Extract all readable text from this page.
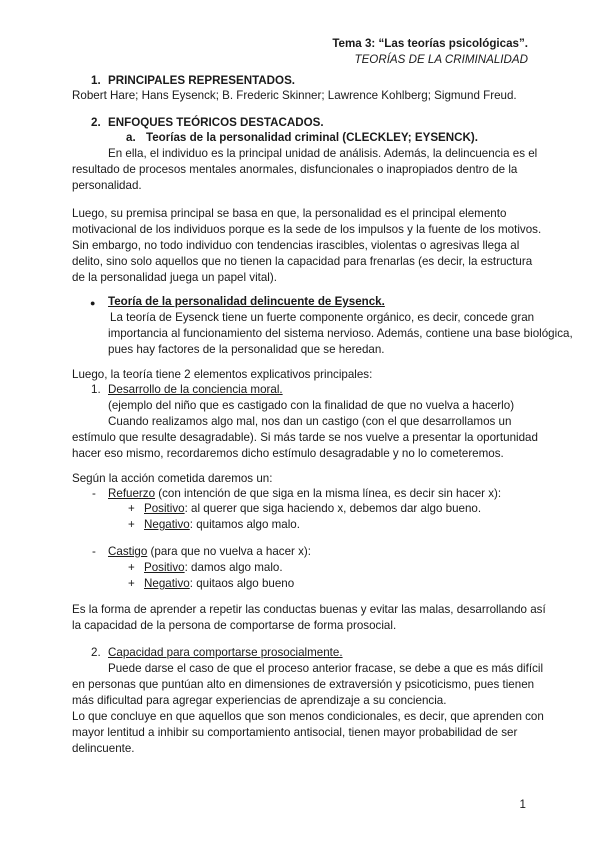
Tema 3: “Las teorías psicológicas”.
TEORÍAS DE LA CRIMINALIDAD
1. PRINCIPALES REPRESENTADOS.
Robert Hare; Hans Eysenck; B. Frederic Skinner; Lawrence Kohlberg; Sigmund Freud.
2. ENFOQUES TEÓRICOS DESTACADOS.
a. Teorías de la personalidad criminal (CLECKLEY; EYSENCK).
En ella, el individuo es la principal unidad de análisis. Además, la delincuencia es el
resultado de procesos mentales anormales, disfuncionales o inapropiados dentro de la
personalidad.
Luego, su premisa principal se basa en que, la personalidad es el principal elemento
motivacional de los individuos porque es la sede de los impulsos y la fuente de los motivos.
Sin embargo, no todo individuo con tendencias irascibles, violentas o agresivas llega al
delito, sino solo aquellos que no tienen la capacidad para frenarlas (es decir, la estructura
de la personalidad juega un papel vital).
● Teoría de la personalidad delincuente de Eysenck.
La teoría de Eysenck tiene un fuerte componente orgánico, es decir, concede gran
importancia al funcionamiento del sistema nervioso. Además, contiene una base biológica,
pues hay factores de la personalidad que se heredan.
Luego, la teoría tiene 2 elementos explicativos principales:
1. Desarrollo de la conciencia moral.
(ejemplo del niño que es castigado con la finalidad de que no vuelva a hacerlo)
Cuando realizamos algo mal, nos dan un castigo (con el que desarrollamos un
estímulo que resulte desagradable). Si más tarde se nos vuelve a presentar la oportunidad
hacer eso mismo, recordaremos dicho estímulo desagradable y no lo cometeremos.
Según la acción cometida daremos un:
- Refuerzo (con intención de que siga en la misma línea, es decir sin hacer x):
+ Positivo: al querer que siga haciendo x, debemos dar algo bueno.
+ Negativo: quitamos algo malo.
- Castigo (para que no vuelva a hacer x):
+ Positivo: damos algo malo.
+ Negativo: quitaos algo bueno
Es la forma de aprender a repetir las conductas buenas y evitar las malas, desarrollando así
la capacidad de la persona de comportarse de forma prosocial.
2. Capacidad para comportarse prosocialmente.
Puede darse el caso de que el proceso anterior fracase, se debe a que es más difícil
en personas que puntúan alto en dimensiones de extraversión y psicoticismo, pues tienen
más dificultad para agregar experiencias de aprendizaje a su conciencia.
Lo que concluye en que aquellos que son menos condicionales, es decir, que aprenden con
mayor lentitud a inhibir su comportamiento antisocial, tienen mayor probabilidad de ser
delincuente.
1
